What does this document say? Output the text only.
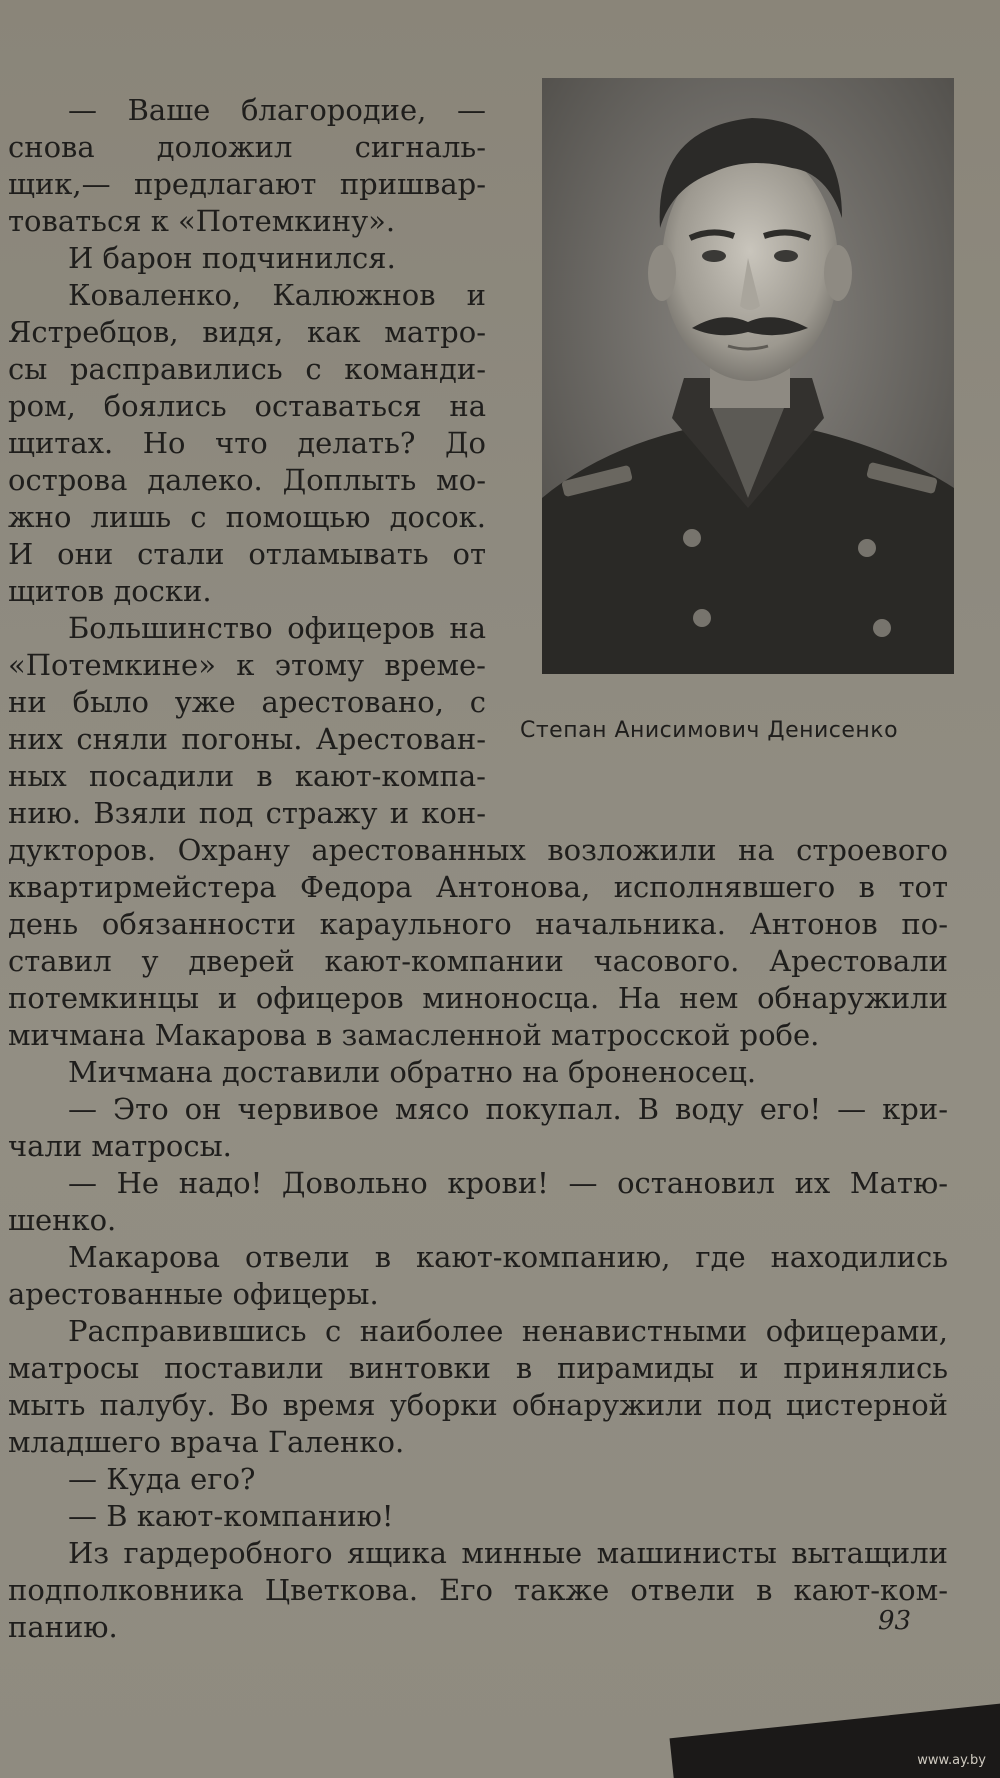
— Ваше благородие, —
снова доложил сигналь-
щик,— предлагают пришвар-
товаться к «Потемкину».
И барон подчинился.
Коваленко, Калюжнов и
Ястребцов, видя, как матро-
сы расправились с команди-
ром, боялись оставаться на
щитах. Но что делать? До
острова далеко. Доплыть мо-
жно лишь с помощью досок.
И они стали отламывать от
щитов доски.
Большинство офицеров на
«Потемкине» к этому време-
ни было уже арестовано, с
них сняли погоны. Арестован-
ных посадили в кают-компа-
нию. Взяли под стражу и кон-
Степан Анисимович Денисенко
дукторов. Охрану арестованных возложили на строевого
квартирмейстера Федора Антонова, исполнявшего в тот
день обязанности караульного начальника. Антонов по-
ставил у дверей кают-компании часового. Арестовали
потемкинцы и офицеров миноносца. На нем обнаружили
мичмана Макарова в замасленной матросской робе.
Мичмана доставили обратно на броненосец.
— Это он червивое мясо покупал. В воду его! — кри-
чали матросы.
— Не надо! Довольно крови! — остановил их Матю-
шенко.
Макарова отвели в кают-компанию, где находились
арестованные офицеры.
Расправившись с наиболее ненавистными офицерами,
матросы поставили винтовки в пирамиды и принялись
мыть палубу. Во время уборки обнаружили под цистерной
младшего врача Галенко.
— Куда его?
— В кают-компанию!
Из гардеробного ящика минные машинисты вытащили
подполковника Цветкова. Его также отвели в кают-ком-
панию.	93
www.ay.by
